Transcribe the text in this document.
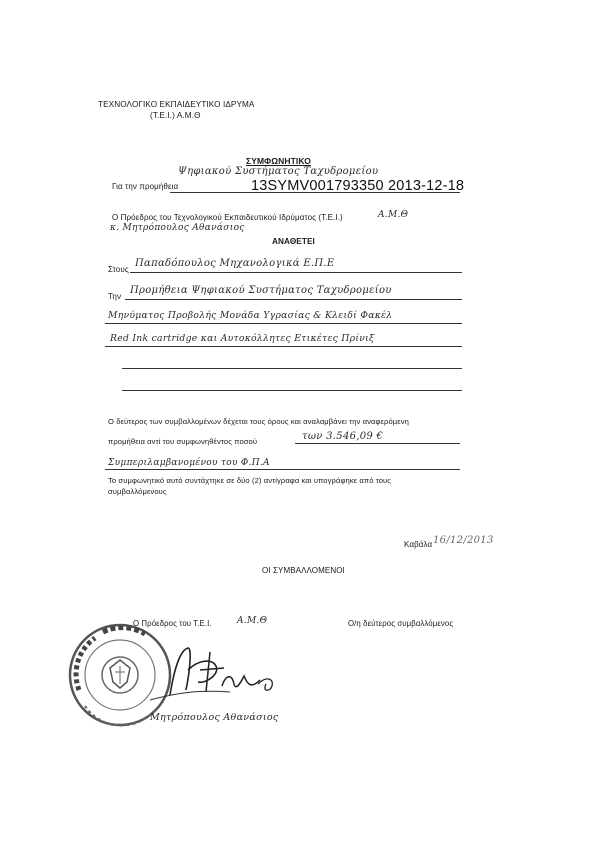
ΤΕΧΝΟΛΟΓΙΚΟ ΕΚΠΑΙΔΕΥΤΙΚΟ ΙΔΡΥΜΑ
(Τ.Ε.Ι.) Α.Μ.Θ
ΣΥΜΦΩΝΗΤΙΚΟ
Για την προμήθεια
Ψηφιακού Συστήματος Ταχυδρομείου
13SYMV001793350 2013-12-18
Ο Πρόεδρος του Τεχνολογικού Εκπαιδευτικού Ιδρύματος (Τ.Ε.Ι.)	Α.Μ.Θ
κ. Μητρόπουλος Αθανάσιος
ΑΝΑΘΕΤΕΙ
Στους
Παπαδόπουλος Μηχανολογικά Ε.Π.Ε
Την
Προμήθεια Ψηφιακού Συστήματος Ταχυδρομείου
Μηνύματος Προβολής Μονάδα Υγρασίας & Κλειδί Φακέλ
Red Ink cartridge και Αυτοκόλλητες Ετικέτες Πρίνιξ
Ο δεύτερος των συμβαλλομένων δέχεται τους όρους και αναλαμβάνει την αναφερόμενη
προμήθεια αντί του συμφωνηθέντος ποσού	των 3.546,09 €
Συμπεριλαμβανομένου του Φ.Π.Α
Το συμφωνητικό αυτό συντάχτηκε σε δύο (2) αντίγραφα και υπογράφηκε από τους
συμβαλλόμενους
Καβάλα 16/12/2013
ΟΙ ΣΥΜΒΑΛΛΟΜΕΝΟΙ
Ο Πρόεδρος του Τ.Ε.Ι.	Α.Μ.Θ	Ο/η δεύτερος συμβαλλόμενος
Μητρόπουλος Αθανάσιος
